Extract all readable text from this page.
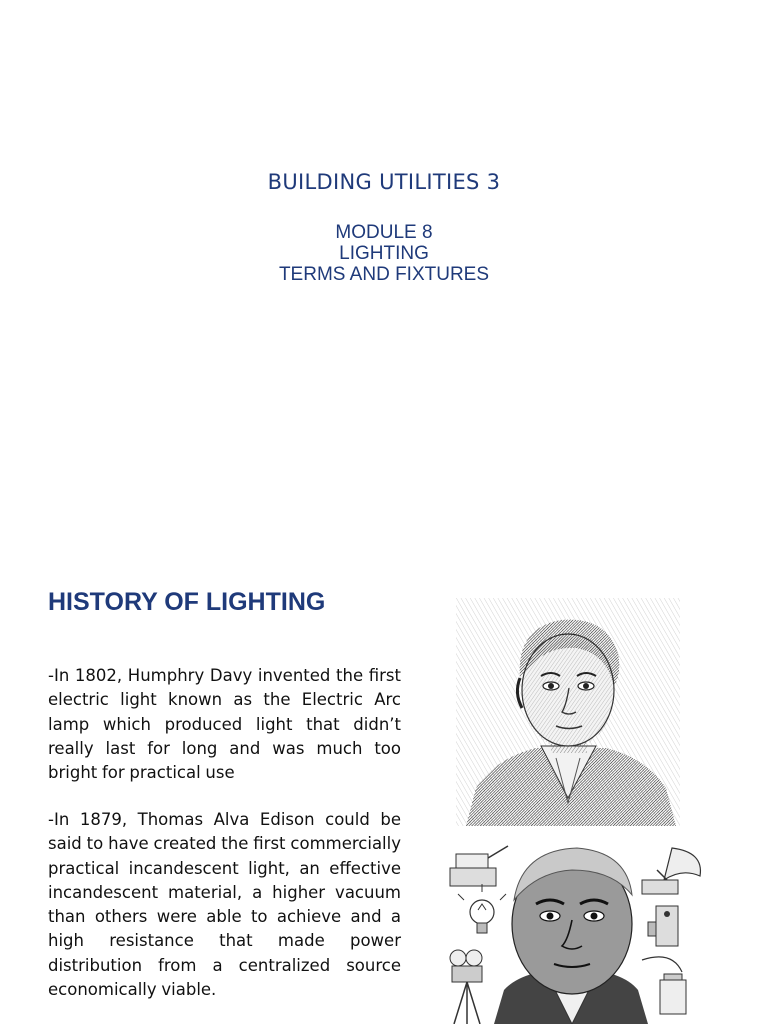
BUILDING UTILITIES 3
MODULE 8
LIGHTING
TERMS AND FIXTURES
HISTORY OF LIGHTING

-In 1802, Humphry Davy invented the first electric light known as the Electric Arc lamp which produced light that didn’t really last for long and was much too bright for practical use

-In 1879, Thomas Alva Edison could be said to have created the first commercially practical incandescent light, an effective incandescent material, a higher vacuum than others were able to achieve and a high resistance that made power distribution from a centralized source economically viable.
